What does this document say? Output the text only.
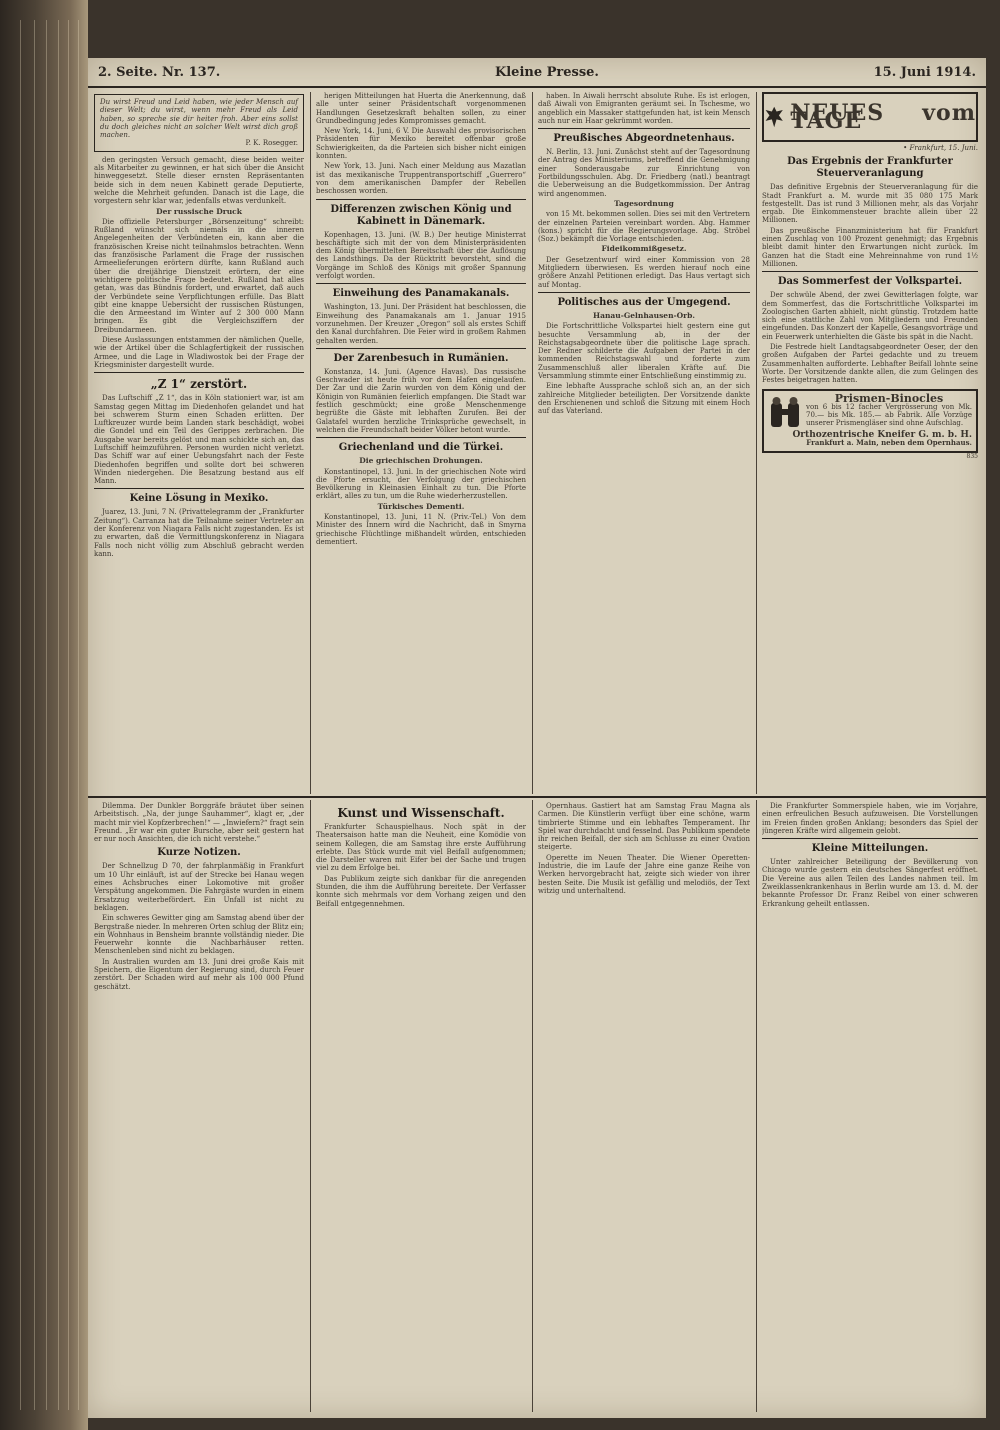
2. Seite. Nr. 137.	Kleine Presse.	15. Juni 1914.
Du wirst Freud und Leid haben, wie jeder Mensch auf dieser Welt; du wirst, wenn mehr Freud als Leid haben, so spreche sie dir heiter froh. Aber eins sollst du doch gleiches nicht an solcher Welt wirst dich groß machen.
P. K. Rosegger.

den geringsten Versuch gemacht, diese beiden weiter als Mitarbeiter zu gewinnen, er hat sich über die Ansicht hinweggesetzt. Stelle dieser ernsten Repräsentanten beide sich in dem neuen Kabinett gerade Deputierte, welche die Mehrheit gefunden. Danach ist die Lage, die vorgestern sehr klar war, jedenfalls etwas verdunkelt.

Der russische Druck

Die offizielle Petersburger „Börsenzeitung“ schreibt: Rußland wünscht sich niemals in die inneren Angelegenheiten der Verbündeten ein, kann aber die französischen Kreise nicht teilnahmslos betrachten. Wenn das französische Parlament die Frage der russischen Armeelieferungen erörtern dürfte, kann Rußland auch über die dreijährige Dienstzeit erörtern, der eine wichtigere politische Frage bedeutet. Rußland hat alles getan, was das Bündnis fordert, und erwartet, daß auch der Verbündete seine Verpflichtungen erfülle. Das Blatt gibt eine knappe Uebersicht der russischen Rüstungen, die den Armeestand im Winter auf 2 300 000 Mann bringen. Es gibt die Vergleichsziffern der Dreibundarmeen.

Diese Auslassungen entstammen der nämlichen Quelle, wie der Artikel über die Schlagfertigkeit der russischen Armee, und die Lage in Wladiwostok bei der Frage der Kriegsminister dargestellt wurde.

„Z 1“ zerstört.

Das Luftschiff „Z 1“, das in Köln stationiert war, ist am Samstag gegen Mittag im Diedenhofen gelandet und hat bei schwerem Sturm einen Schaden erlitten. Der Luftkreuzer wurde beim Landen stark beschädigt, wobei die Gondel und ein Teil des Gerippes zerbrachen. Die Ausgabe war bereits gelöst und man schickte sich an, das Luftschiff heimzuführen. Personen wurden nicht verletzt. Das Schiff war auf einer Uebungsfahrt nach der Feste Diedenhofen begriffen und sollte dort bei schweren Winden niedergehen. Die Besatzung bestand aus elf Mann.

Keine Lösung in Mexiko.

Juarez, 13. Juni, 7 N. (Privattelegramm der „Frankfurter Zeitung“). Carranza hat die Teilnahme seiner Vertreter an der Konferenz von Niagara Falls nicht zugestanden. Es ist zu erwarten, daß die Vermittlungskonferenz in Niagara Falls noch nicht völlig zum Abschluß gebracht werden kann.

herigen Mitteilungen hat Huerta die Anerkennung, daß alle unter seiner Präsidentschaft vorgenommenen Handlungen Gesetzeskraft behalten sollen, zu einer Grundbedingung jedes Kompromisses gemacht.

New York, 14. Juni, 6 V. Die Auswahl des provisorischen Präsidenten für Mexiko bereitet offenbar große Schwierigkeiten, da die Parteien sich bisher nicht einigen konnten.

New York, 13. Juni. Nach einer Meldung aus Mazatlan ist das mexikanische Truppentransportschiff „Guerrero“ von dem amerikanischen Dampfer der Rebellen beschossen worden.

Differenzen zwischen König und Kabinett in Dänemark.

Kopenhagen, 13. Juni. (W. B.) Der heutige Ministerrat beschäftigte sich mit der von dem Ministerpräsidenten dem König übermittelten Bereitschaft über die Auflösung des Landsthings. Da der Rücktritt bevorsteht, sind die Vorgänge im Schloß des Königs mit großer Spannung verfolgt worden.

Einweihung des Panamakanals.

Washington, 13. Juni. Der Präsident hat beschlossen, die Einweihung des Panamakanals am 1. Januar 1915 vorzunehmen. Der Kreuzer „Oregon“ soll als erstes Schiff den Kanal durchfahren. Die Feier wird in großem Rahmen gehalten werden.

Der Zarenbesuch in Rumänien.

Konstanza, 14. Juni. (Agence Havas). Das russische Geschwader ist heute früh vor dem Hafen eingelaufen. Der Zar und die Zarin wurden von dem König und der Königin von Rumänien feierlich empfangen. Die Stadt war festlich geschmückt; eine große Menschenmenge begrüßte die Gäste mit lebhaften Zurufen. Bei der Galatafel wurden herzliche Trinksprüche gewechselt, in welchen die Freundschaft beider Völker betont wurde.

Griechenland und die Türkei.
Die griechischen Drohungen.

Konstantinopel, 13. Juni. In der griechischen Note wird die Pforte ersucht, der Verfolgung der griechischen Bevölkerung in Kleinasien Einhalt zu tun. Die Pforte erklärt, alles zu tun, um die Ruhe wiederherzustellen.

Türkisches Dementi.

Konstantinopel, 13. Juni, 11 N. (Priv.-Tel.) Von dem Minister des Innern wird die Nachricht, daß in Smyrna griechische Flüchtlinge mißhandelt würden, entschieden dementiert.

haben. In Aiwali herrscht absolute Ruhe. Es ist erlogen, daß Aiwali von Emigranten geräumt sei. In Tschesme, wo angeblich ein Massaker stattgefunden hat, ist kein Mensch auch nur ein Haar gekrümmt worden.

Preußisches Abgeordnetenhaus.

N. Berlin, 13. Juni. Zunächst steht auf der Tagesordnung der Antrag des Ministeriums, betreffend die Genehmigung einer Sonderausgabe zur Einrichtung von Fortbildungsschulen. Abg. Dr. Friedberg (natl.) beantragt die Ueberweisung an die Budgetkommission. Der Antrag wird angenommen.

Tagesordnung

von 15 Mt. bekommen sollen. Dies sei mit den Vertretern der einzelnen Parteien vereinbart worden. Abg. Hammer (kons.) spricht für die Regierungsvorlage. Abg. Ströbel (Soz.) bekämpft die Vorlage entschieden.

Fideikommißgesetz.

Der Gesetzentwurf wird einer Kommission von 28 Mitgliedern überwiesen. Es werden hierauf noch eine größere Anzahl Petitionen erledigt. Das Haus vertagt sich auf Montag.

Politisches aus der Umgegend.
Hanau-Gelnhausen-Orb.

Die Fortschrittliche Volkspartei hielt gestern eine gut besuchte Versammlung ab, in der der Reichstagsabgeordnete über die politische Lage sprach. Der Redner schilderte die Aufgaben der Partei in der kommenden Reichstagswahl und forderte zum Zusammenschluß aller liberalen Kräfte auf. Die Versammlung stimmte einer Entschließung einstimmig zu.

Eine lebhafte Aussprache schloß sich an, an der sich zahlreiche Mitglieder beteiligten. Der Vorsitzende dankte den Erschienenen und schloß die Sitzung mit einem Hoch auf das Vaterland.

NEUES vom TAGE
• Frankfurt, 15. Juni.
Das Ergebnis der Frankfurter Steuerveranlagung

Das definitive Ergebnis der Steuerveranlagung für die Stadt Frankfurt a. M. wurde mit 35 080 175 Mark festgestellt. Das ist rund 3 Millionen mehr, als das Vorjahr ergab. Die Einkommensteuer brachte allein über 22 Millionen.

Das preußische Finanzministerium hat für Frankfurt einen Zuschlag von 100 Prozent genehmigt; das Ergebnis bleibt damit hinter den Erwartungen nicht zurück. Im Ganzen hat die Stadt eine Mehreinnahme von rund 1½ Millionen.

Das Sommerfest der Volkspartei.

Der schwüle Abend, der zwei Gewitterlagen folgte, war dem Sommerfest, das die Fortschrittliche Volkspartei im Zoologischen Garten abhielt, nicht günstig. Trotzdem hatte sich eine stattliche Zahl von Mitgliedern und Freunden eingefunden. Das Konzert der Kapelle, Gesangsvorträge und ein Feuerwerk unterhielten die Gäste bis spät in die Nacht.

Die Festrede hielt Landtagsabgeordneter Oeser, der den großen Aufgaben der Partei gedachte und zu treuem Zusammenhalten aufforderte. Lebhafter Beifall lohnte seine Worte. Der Vorsitzende dankte allen, die zum Gelingen des Festes beigetragen hatten.

Prismen-Binocles
von 6 bis 12 facher Vergrösserung von Mk. 70.— bis Mk. 185.— ab Fabrik. Alle Vorzüge unserer Prismengläser sind ohne Aufschlag.
Orthozentrische Kneifer G. m. b. H.
Frankfurt a. Main, neben dem Opernhaus.
835

Dilemma. Der Dunkler Borggräfe bräutet über seinen Arbeitstisch. „Na, der junge Sauhammer“, klagt er, „der macht mir viel Kopfzerbrechen!“ — „Inwiefern?“ fragt sein Freund. „Er war ein guter Bursche, aber seit gestern hat er nur noch Ansichten, die ich nicht verstehe.“

Kurze Notizen.

Der Schnellzug D 70, der fahrplanmäßig in Frankfurt um 10 Uhr einläuft, ist auf der Strecke bei Hanau wegen eines Achsbruches einer Lokomotive mit großer Verspätung angekommen. Die Fahrgäste wurden in einem Ersatzzug weiterbefördert. Ein Unfall ist nicht zu beklagen.

Ein schweres Gewitter ging am Samstag abend über der Bergstraße nieder. In mehreren Orten schlug der Blitz ein; ein Wohnhaus in Bensheim brannte vollständig nieder. Die Feuerwehr konnte die Nachbarhäuser retten. Menschenleben sind nicht zu beklagen.

In Australien wurden am 13. Juni drei große Kais mit Speichern, die Eigentum der Regierung sind, durch Feuer zerstört. Der Schaden wird auf mehr als 100 000 Pfund geschätzt.

Kunst und Wissenschaft.

Frankfurter Schauspielhaus. Noch spät in der Theatersaison hatte man die Neuheit, eine Komödie von seinem Kollegen, die am Samstag ihre erste Aufführung erlebte. Das Stück wurde mit viel Beifall aufgenommen; die Darsteller waren mit Eifer bei der Sache und trugen viel zu dem Erfolge bei.

Das Publikum zeigte sich dankbar für die anregenden Stunden, die ihm die Aufführung bereitete. Der Verfasser konnte sich mehrmals vor dem Vorhang zeigen und den Beifall entgegennehmen.

Opernhaus. Gastiert hat am Samstag Frau Magna als Carmen. Die Künstlerin verfügt über eine schöne, warm timbrierte Stimme und ein lebhaftes Temperament. Ihr Spiel war durchdacht und fesselnd. Das Publikum spendete ihr reichen Beifall, der sich am Schlusse zu einer Ovation steigerte.

Operette im Neuen Theater. Die Wiener Operetten-Industrie, die im Laufe der Jahre eine ganze Reihe von Werken hervorgebracht hat, zeigte sich wieder von ihrer besten Seite. Die Musik ist gefällig und melodiös, der Text witzig und unterhaltend.

Die Frankfurter Sommerspiele haben, wie im Vorjahre, einen erfreulichen Besuch aufzuweisen. Die Vorstellungen im Freien finden großen Anklang; besonders das Spiel der jüngeren Kräfte wird allgemein gelobt.

Kleine Mitteilungen.

Unter zahlreicher Beteiligung der Bevölkerung von Chicago wurde gestern ein deutsches Sängerfest eröffnet. Die Vereine aus allen Teilen des Landes nahmen teil. Im Zweiklassenkrankenhaus in Berlin wurde am 13. d. M. der bekannte Professor Dr. Franz Reibel von einer schweren Erkrankung geheilt entlassen.
